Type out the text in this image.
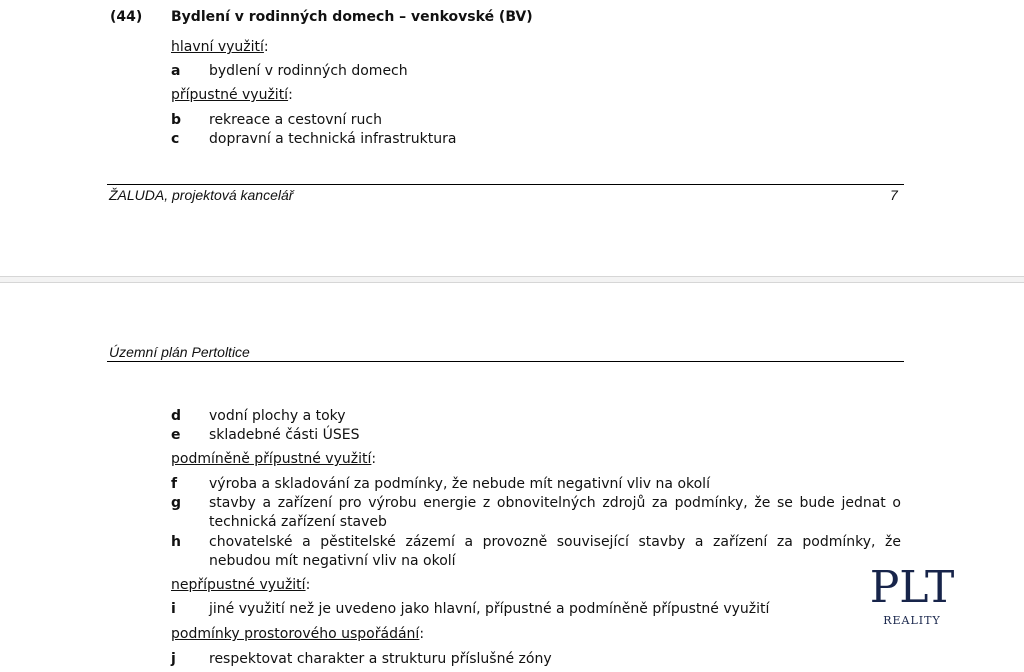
(44) Bydlení v rodinných domech – venkovské (BV)
hlavní využití:
a bydlení v rodinných domech
přípustné využití:
b rekreace a cestovní ruch
c dopravní a technická infrastruktura
ŽALUDA, projektová kancelář	7
Územní plán Pertoltice
d vodní plochy a toky
e skladebné části ÚSES
podmíněně přípustné využití:
f výroba a skladování za podmínky, že nebude mít negativní vliv na okolí
g stavby a zařízení pro výrobu energie z obnovitelných zdrojů za podmínky, že se bude jednat o technická zařízení staveb
h chovatelské a pěstitelské zázemí a provozně související stavby a zařízení za podmínky, že nebudou mít negativní vliv na okolí
nepřípustné využití:
i jiné využití než je uvedeno jako hlavní, přípustné a podmíněně přípustné využití
podmínky prostorového uspořádání:
j respektovat charakter a strukturu příslušné zóny
PLT
REALITY
